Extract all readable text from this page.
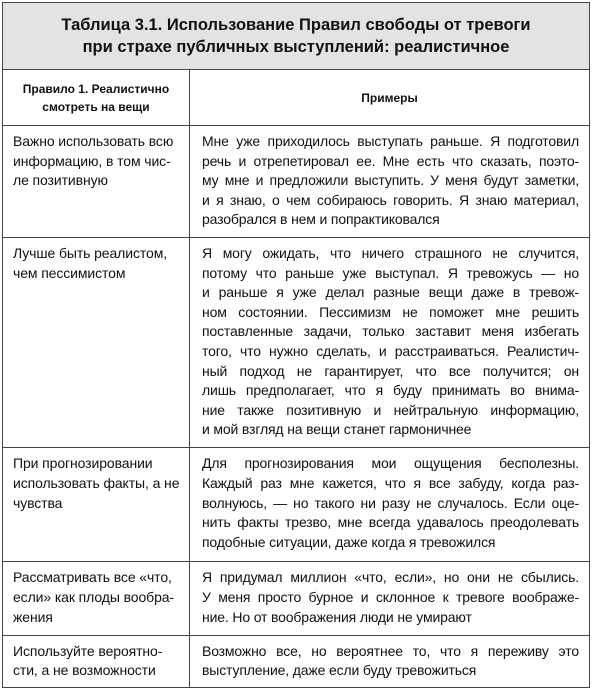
Таблица 3.1. Использование Правил свободы от тревоги
при страхе публичных выступлений: реалистичное
Правило 1. Реалистично
смотреть на вещи
Примеры
Важно использовать всю
информацию, в том чис-
ле позитивную
Мне уже приходилось выступать раньше. Я подготовил
речь и отрепетировал ее. Мне есть что сказать, поэто-
му мне и предложили выступить. У меня будут заметки,
и я знаю, о чем собираюсь говорить. Я знаю материал,
разобрался в нем и попрактиковался
Лучше быть реалистом,
чем пессимистом
Я могу ожидать, что ничего страшного не случится,
потому что раньше уже выступал. Я тревожусь — но
и раньше я уже делал разные вещи даже в тревож-
ном состоянии. Пессимизм не поможет мне решить
поставленные задачи, только заставит меня избегать
того, что нужно сделать, и расстраиваться. Реалистич-
ный подход не гарантирует, что все получится; он
лишь предполагает, что я буду принимать во внима-
ние также позитивную и нейтральную информацию,
и мой взгляд на вещи станет гармоничнее
При прогнозировании
использовать факты, а не
чувства
Для прогнозирования мои ощущения бесполезны.
Каждый раз мне кажется, что я все забуду, когда раз-
волнуюсь, — но такого ни разу не случалось. Если оце-
нить факты трезво, мне всегда удавалось преодолевать
подобные ситуации, даже когда я тревожился
Рассматривать все «что,
если» как плоды вообра-
жения
Я придумал миллион «что, если», но они не сбылись.
У меня просто бурное и склонное к тревоге воображе-
ние. Но от воображения люди не умирают
Используйте вероятно-
сти, а не возможности
Возможно все, но вероятнее то, что я переживу это
выступление, даже если буду тревожиться
